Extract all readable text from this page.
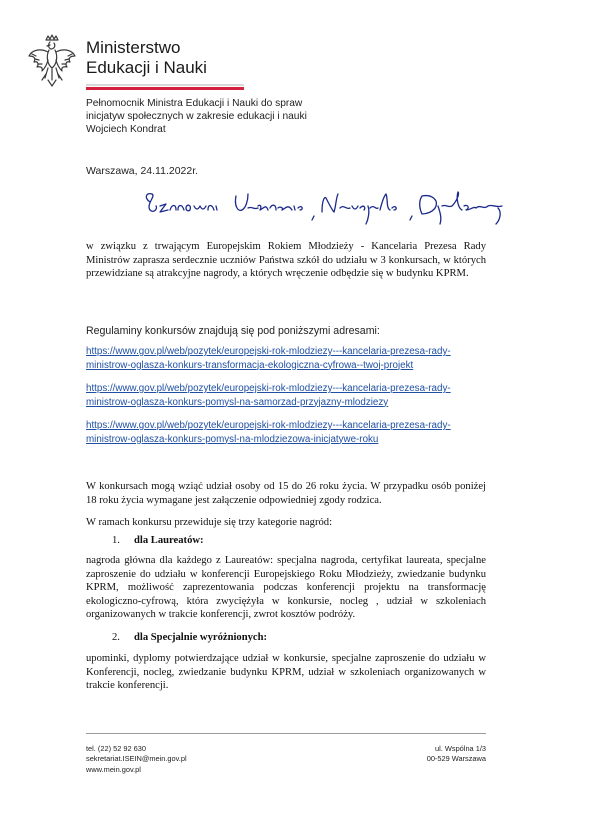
Ministerstwo
Edukacji i Nauki
Pełnomocnik Ministra Edukacji i Nauki do spraw
inicjatyw społecznych w zakresie edukacji i nauki
Wojciech Kondrat
Warszawa, 24.11.2022r.

w związku z trwającym Europejskim Rokiem Młodzieży - Kancelaria Prezesa Rady Ministrów zaprasza serdecznie uczniów Państwa szkół do udziału w 3 konkursach, w których przewidziane są atrakcyjne nagrody, a których wręczenie odbędzie się w budynku KPRM.

Regulaminy konkursów znajdują się pod poniższymi adresami:
https://www.gov.pl/web/pozytek/europejski-rok-mlodziezy---kancelaria-prezesa-rady-
ministrow-oglasza-konkurs-transformacja-ekologiczna-cyfrowa--twoj-projekt
https://www.gov.pl/web/pozytek/europejski-rok-mlodziezy---kancelaria-prezesa-rady-
ministrow-oglasza-konkurs-pomysl-na-samorzad-przyjazny-mlodziezy
https://www.gov.pl/web/pozytek/europejski-rok-mlodziezy---kancelaria-prezesa-rady-
ministrow-oglasza-konkurs-pomysl-na-mlodziezowa-inicjatywe-roku
W konkursach mogą wziąć udział osoby od 15 do 26 roku życia. W przypadku osób poniżej 18 roku życia wymagane jest załączenie odpowiedniej zgody rodzica.
W ramach konkursu przewiduje się trzy kategorie nagród:
1. dla Laureatów:
nagroda główna dla każdego z Laureatów: specjalna nagroda, certyfikat laureata, specjalne zaproszenie do udziału w konferencji Europejskiego Roku Młodzieży, zwiedzanie budynku KPRM, możliwość zaprezentowania podczas konferencji projektu na transformację ekologiczno-cyfrową, która zwyciężyła w konkursie, nocleg , udział w szkoleniach organizowanych w trakcie konferencji, zwrot kosztów podróży.
2. dla Specjalnie wyróżnionych:
upominki, dyplomy potwierdzające udział w konkursie, specjalne zaproszenie do udziału w Konferencji, nocleg, zwiedzanie budynku KPRM, udział w szkoleniach organizowanych w trakcie konferencji.
tel. (22) 52 92 630
sekretariat.ISEIN@mein.gov.pl
www.mein.gov.pl
ul. Wspólna 1/3
00-529 Warszawa
